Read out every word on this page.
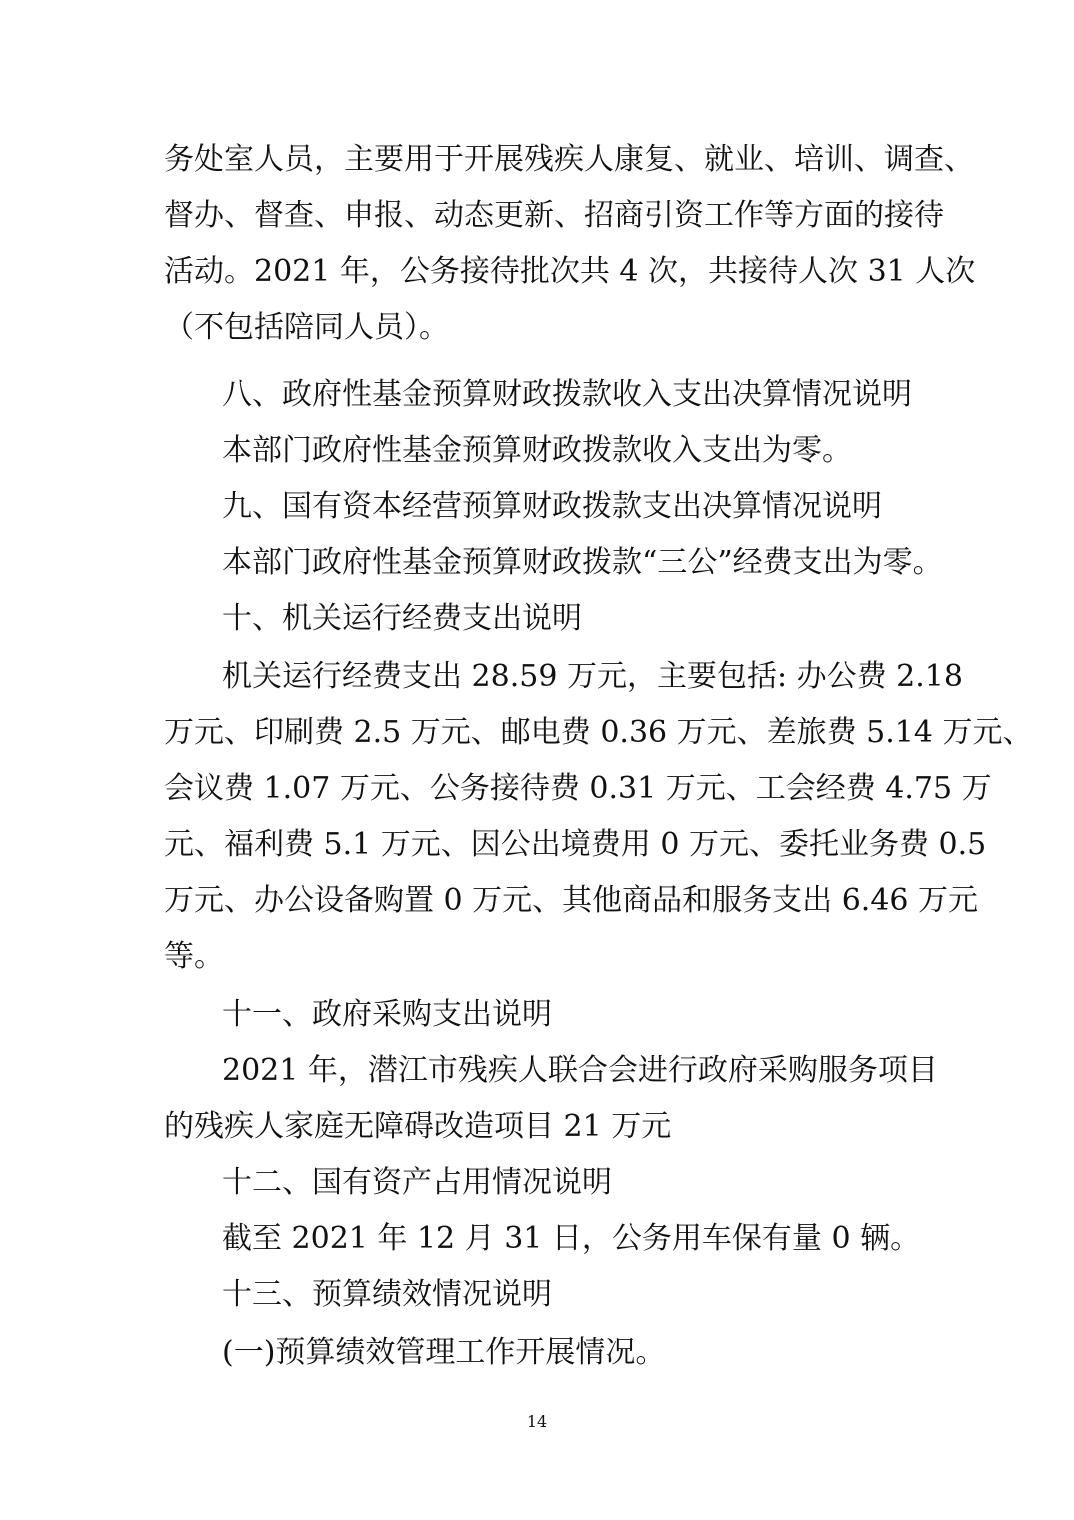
务处室人员，主要用于开展残疾人康复、就业、培训、调查、
督办、督查、申报、动态更新、招商引资工作等方面的接待
活动。2021 年，公务接待批次共 4 次，共接待人次 31 人次
（不包括陪同人员）。
八、政府性基金预算财政拨款收入支出决算情况说明
本部门政府性基金预算财政拨款收入支出为零。
九、国有资本经营预算财政拨款支出决算情况说明
本部门政府性基金预算财政拨款“三公”经费支出为零。
十、机关运行经费支出说明
机关运行经费支出 28.59 万元，主要包括: 办公费 2.18
万元、印刷费 2.5 万元、邮电费 0.36 万元、差旅费 5.14 万元、
会议费 1.07 万元、公务接待费 0.31 万元、工会经费 4.75 万
元、福利费 5.1 万元、因公出境费用 0 万元、委托业务费 0.5
万元、办公设备购置 0 万元、其他商品和服务支出 6.46 万元
等。
十一、政府采购支出说明
2021 年，潜江市残疾人联合会进行政府采购服务项目
的残疾人家庭无障碍改造项目 21 万元
十二、国有资产占用情况说明
截至 2021 年 12 月 31 日，公务用车保有量 0 辆。
十三、预算绩效情况说明
(一)预算绩效管理工作开展情况。
14
